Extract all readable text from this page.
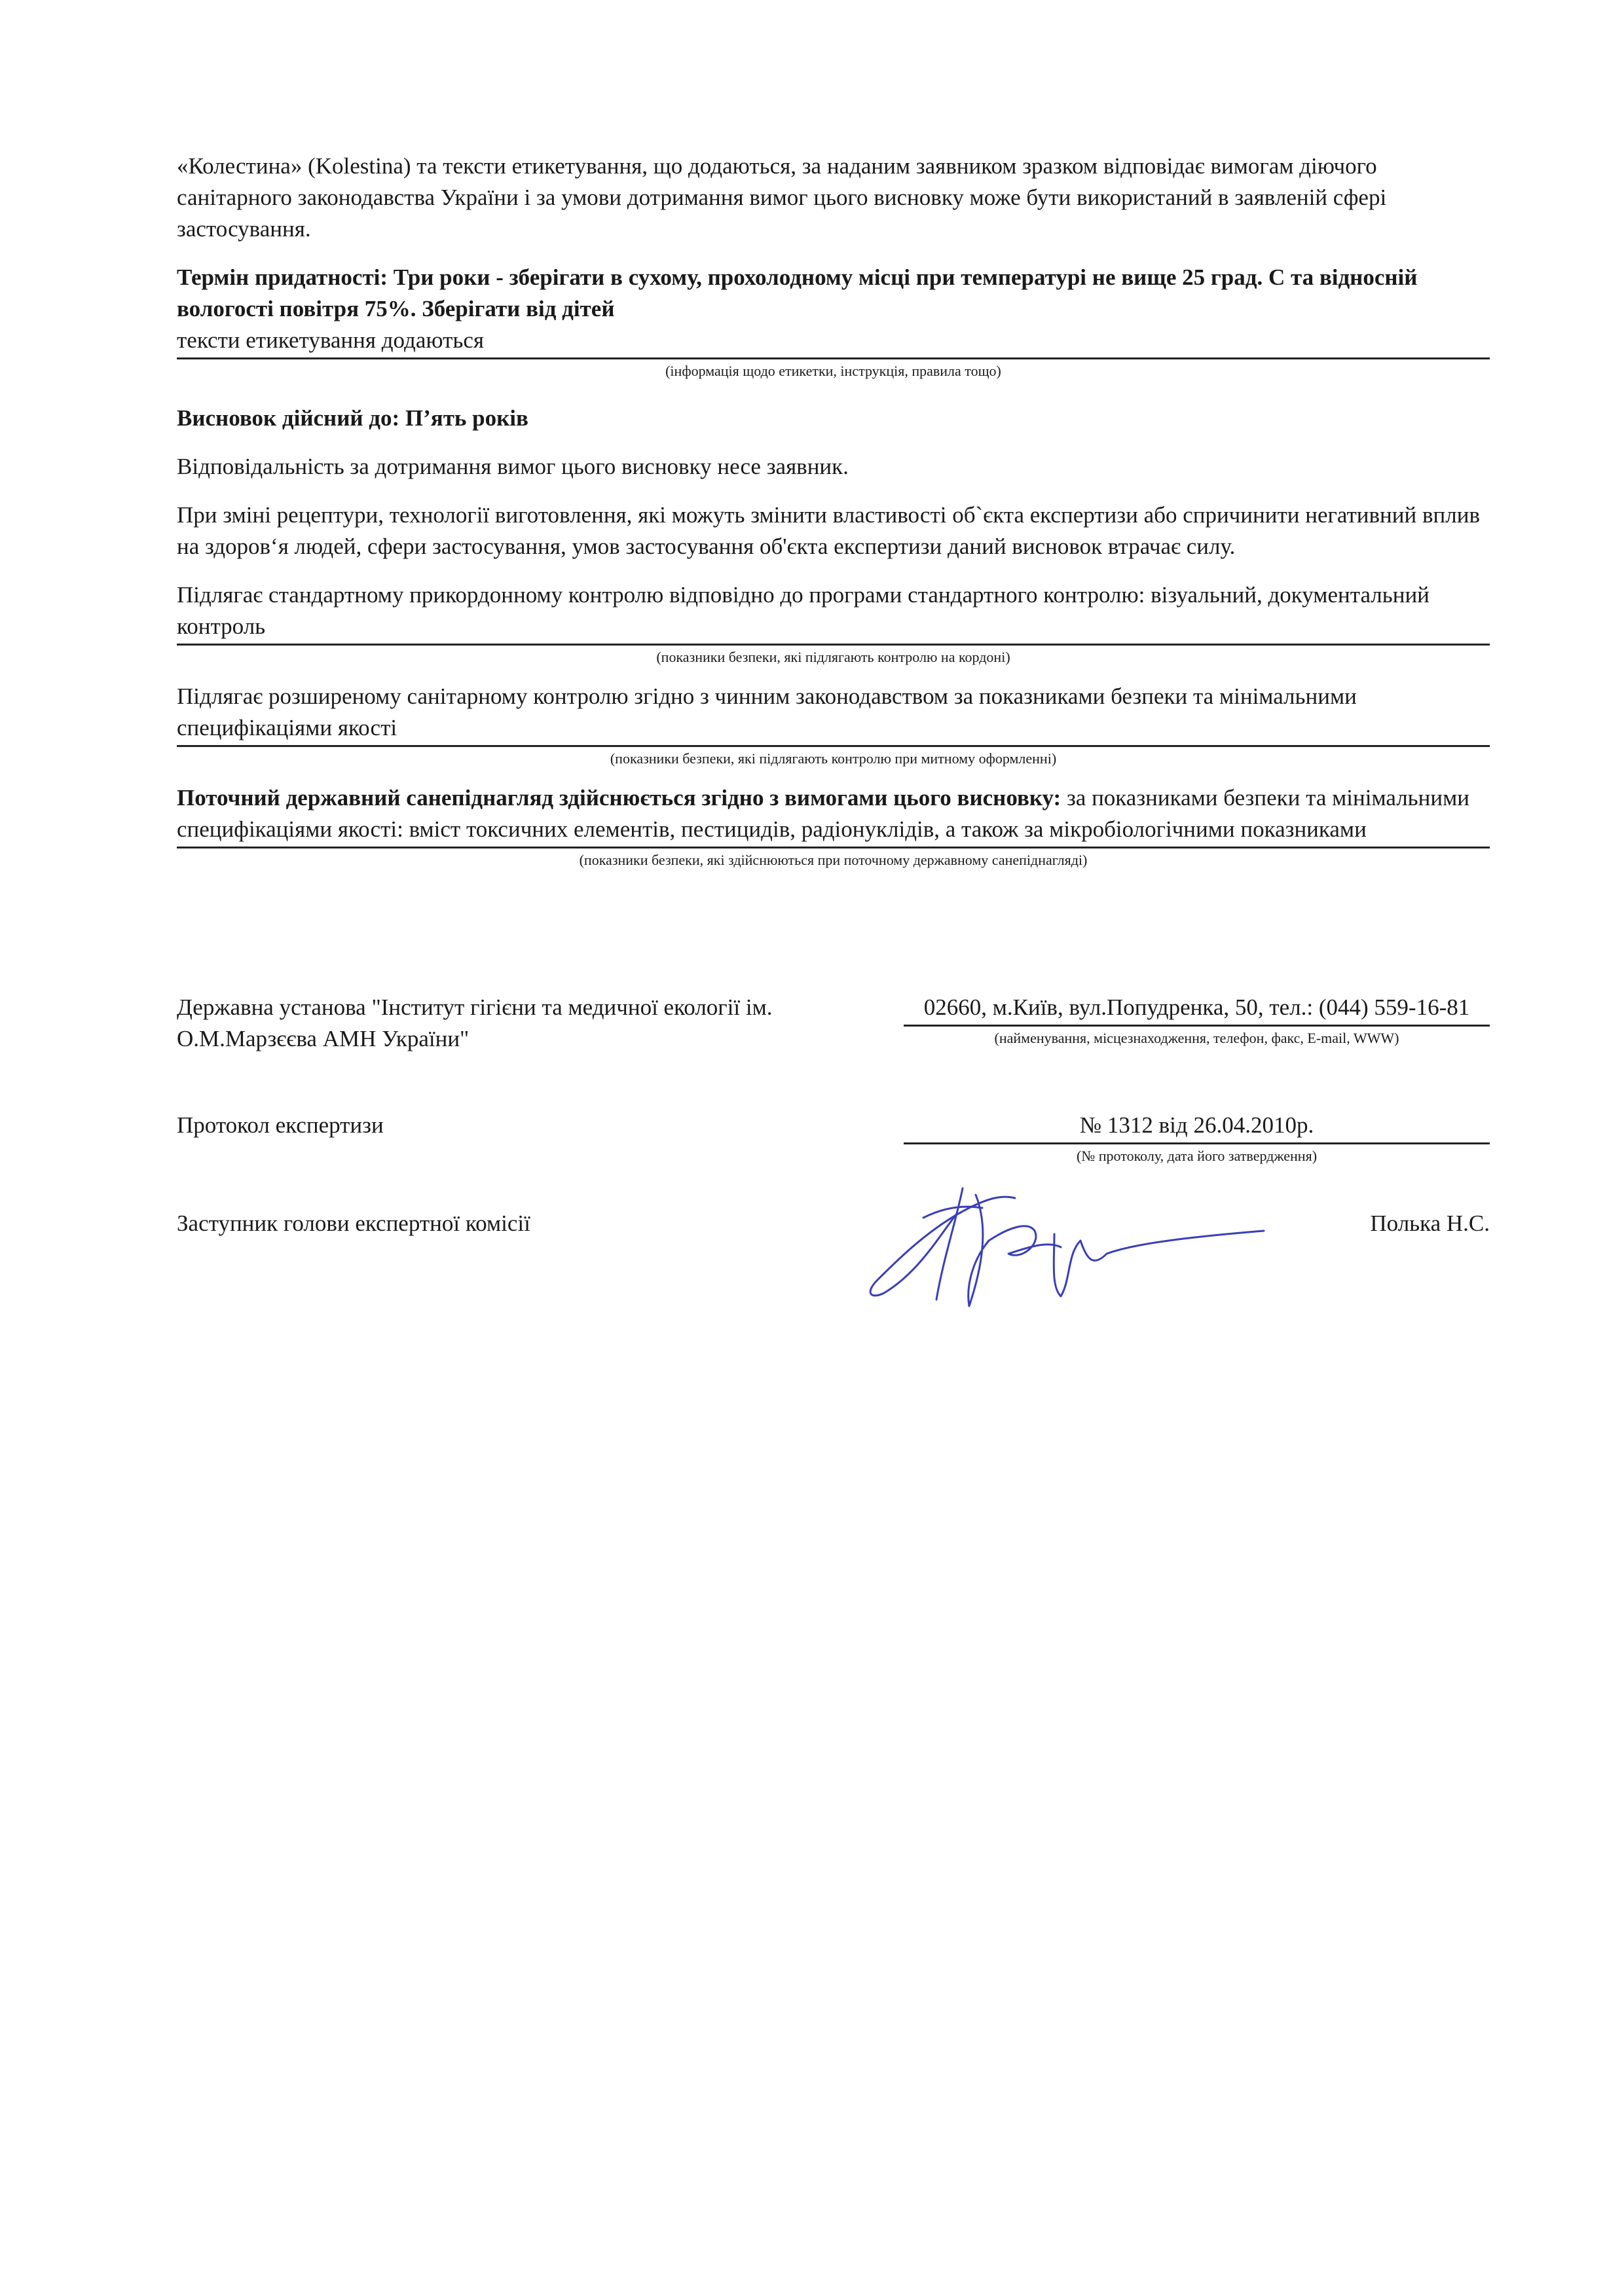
«Колестина» (Kolestina) та тексти етикетування, що додаються, за наданим заявником зразком відповідає вимогам діючого санітарного законодавства України і за умови дотримання вимог цього висновку може бути використаний в заявленій сфері застосування.

Термін придатності: Три роки - зберігати в сухому, прохолодному місці при температурі не вище 25 град. С та відносній вологості повітря 75%. Зберігати від дітей

тексти етикетування додаються

(інформація щодо етикетки, інструкція, правила тощо)

Висновок дійсний до: П’ять років

Відповідальність за дотримання вимог цього висновку несе заявник.

При зміні рецептури, технології виготовлення, які можуть змінити властивості об`єкта експертизи або спричинити негативний вплив на здоров‘я людей, сфери застосування, умов застосування об'єкта експертизи даний висновок втрачає силу.

Підлягає стандартному прикордонному контролю відповідно до програми стандартного контролю: візуальний, документальний контроль

(показники безпеки, які підлягають контролю на кордоні)

Підлягає розширеному санітарному контролю згідно з чинним законодавством за показниками безпеки та мінімальними специфікаціями якості

(показники безпеки, які підлягають контролю при митному оформленні)

Поточний державний санепіднагляд здійснюється згідно з вимогами цього висновку: за показниками безпеки та мінімальними специфікаціями якості: вміст токсичних елементів, пестицидів, радіонуклідів, а також за мікробіологічними показниками

(показники безпеки, які здійснюються при поточному державному санепіднагляді)

Державна установа "Інститут гігієни та медичної екології ім. О.М.Марзєєва АМН України"
02660, м.Київ, вул.Попудренка, 50, тел.: (044) 559-16-81
(найменування, місцезнаходження, телефон, факс, E-mail, WWW)
Протокол експертизи	№ 1312 від 26.04.2010р.
(№ протоколу, дата його затвердження)
Заступник голови експертної комісії	Полька Н.С.
